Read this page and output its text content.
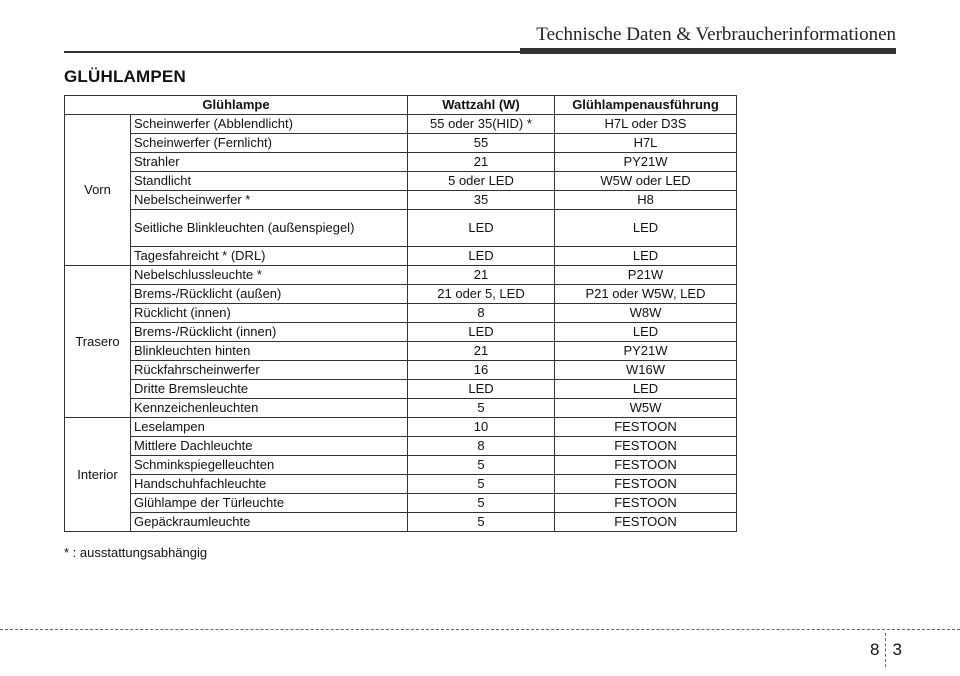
Technische Daten & Verbraucherinformationen
GLÜHLAMPEN
Glühlampe		Wattzahl (W)	Glühlampenausführung
Vorn	Scheinwerfer (Abblendlicht)	55 oder 35(HID) *	H7L oder D3S
	Scheinwerfer (Fernlicht)	55	H7L
	Strahler	21	PY21W
	Standlicht	5 oder LED	W5W oder LED
	Nebelscheinwerfer *	35	H8
	Seitliche Blinkleuchten (außenspiegel)	LED	LED
	Tagesfahreicht * (DRL)	LED	LED
Trasero	Nebelschlussleuchte *	21	P21W
	Brems-/Rücklicht (außen)	21 oder 5, LED	P21 oder W5W, LED
	Rücklicht (innen)	8	W8W
	Brems-/Rücklicht (innen)	LED	LED
	Blinkleuchten hinten	21	PY21W
	Rückfahrscheinwerfer	16	W16W
	Dritte Bremsleuchte	LED	LED
	Kennzeichenleuchten	5	W5W
Interior	Leselampen	10	FESTOON
	Mittlere Dachleuchte	8	FESTOON
	Schminkspiegelleuchten	5	FESTOON
	Handschuhfachleuchte	5	FESTOON
	Glühlampe der Türleuchte	5	FESTOON
	Gepäckraumleuchte	5	FESTOON
* : ausstattungsabhängig
8 3
